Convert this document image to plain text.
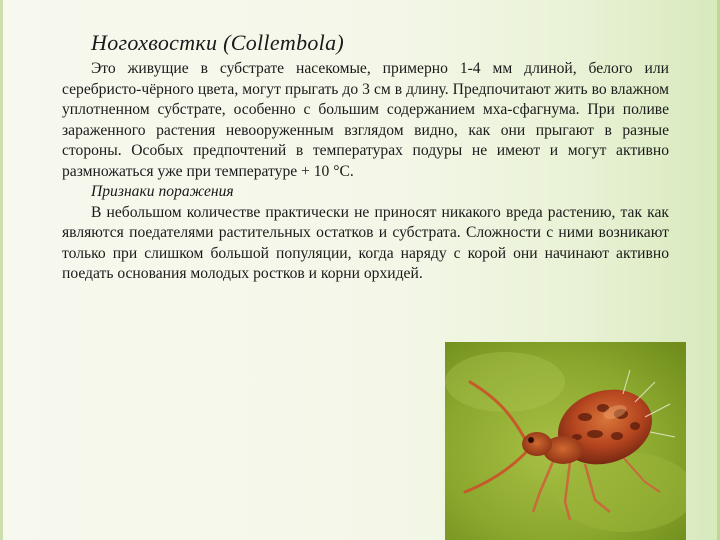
Ногохвостки (Collembola)

Это живущие в субстрате насекомые, примерно 1-4 мм длиной, белого или серебристо-чёрного цвета, могут прыгать до 3 см в длину. Предпочитают жить во влажном уплотненном субстрате, особенно с большим содержанием мха-сфагнума. При поливе зараженного растения невооруженным взглядом видно, как они прыгают в разные стороны. Особых предпочтений в температурах подуры не имеют и могут активно размножаться уже при температуре + 10 °С.

Признаки поражения

В небольшом количестве практически не приносят никакого вреда растению, так как являются поедателями растительных остатков и субстрата. Сложности с ними возникают только при слишком большой популяции, когда наряду с корой они начинают активно поедать основания молодых ростков и корни орхидей.
